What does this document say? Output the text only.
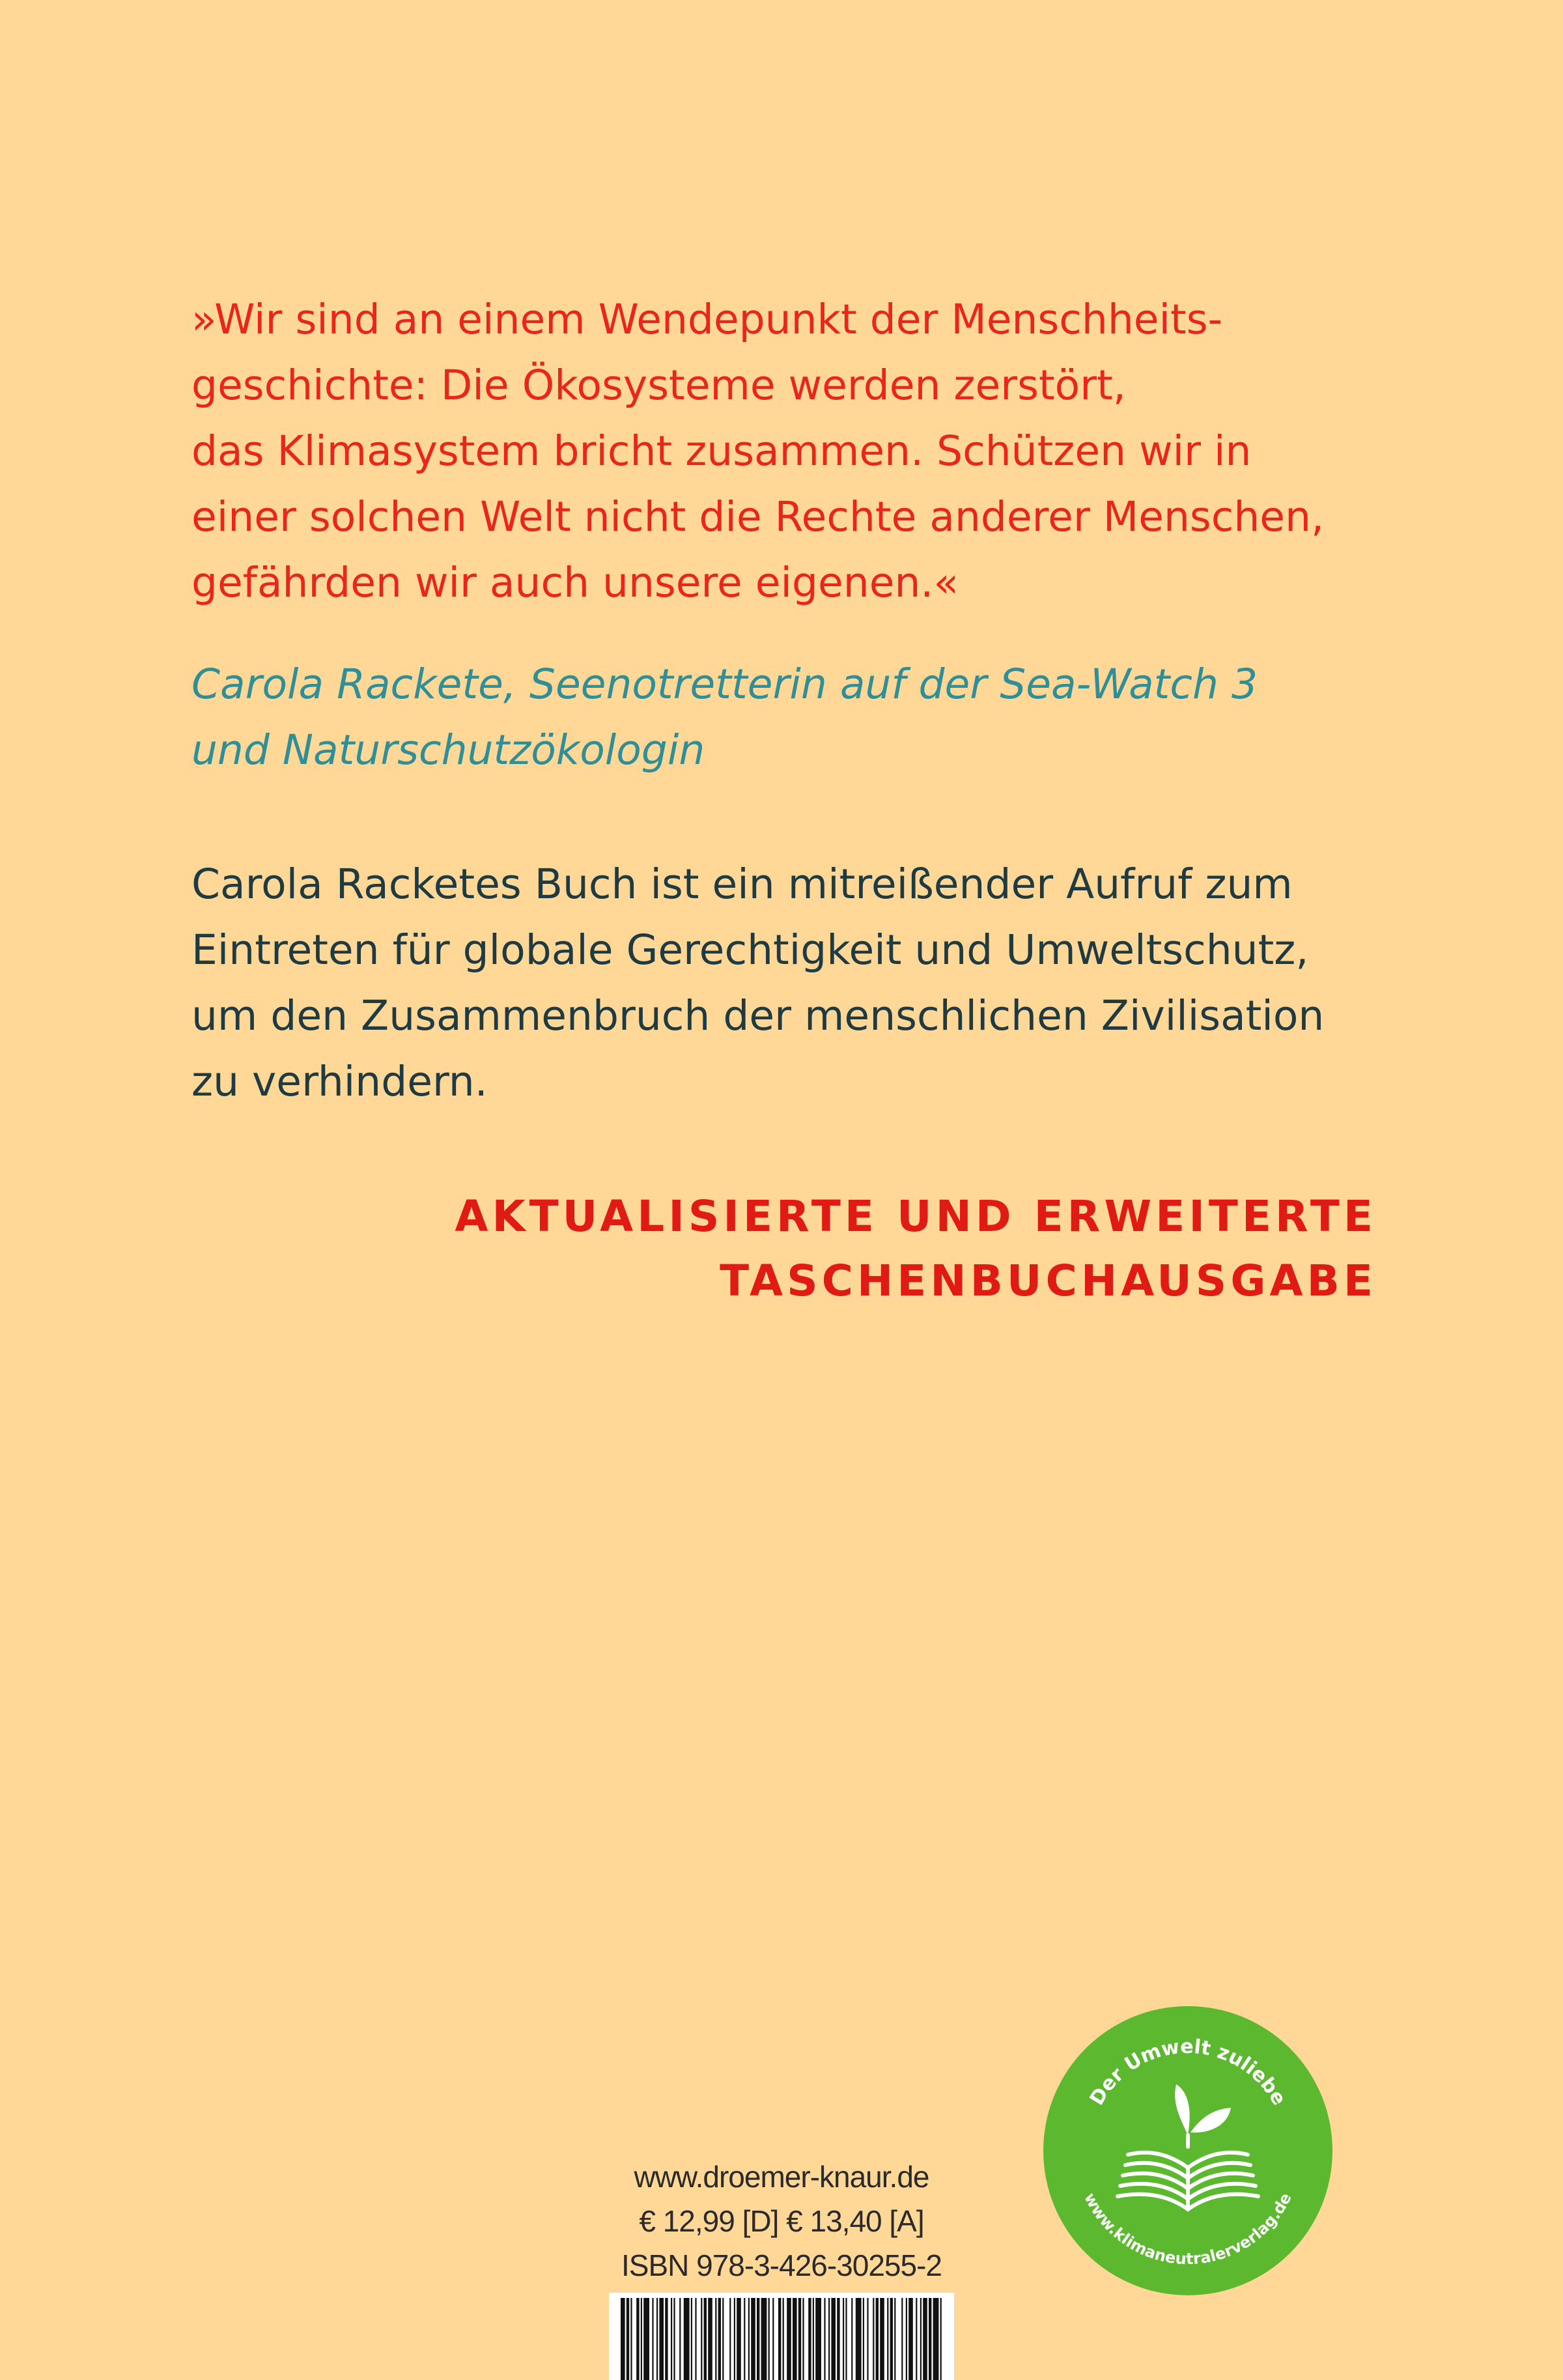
»Wir sind an einem Wendepunkt der Menschheits-
geschichte: Die Ökosysteme werden zerstört,
das Klimasystem bricht zusammen. Schützen wir in
einer solchen Welt nicht die Rechte anderer Menschen,
gefährden wir auch unsere eigenen.«
Carola Rackete, Seenotretterin auf der Sea-Watch 3
und Naturschutzökologin
Carola Racketes Buch ist ein mitreißender Aufruf zum
Eintreten für globale Gerechtigkeit und Umweltschutz,
um den Zusammenbruch der menschlichen Zivilisation
zu verhindern.
AKTUALISIERTE UND ERWEITERTE
TASCHENBUCHAUSGABE
www.droemer-knaur.de
€ 12,99 [D] € 13,40 [A]
ISBN 978-3-426-30255-2
Der Umwelt zuliebe
www.klimaneutralerverlag.de
